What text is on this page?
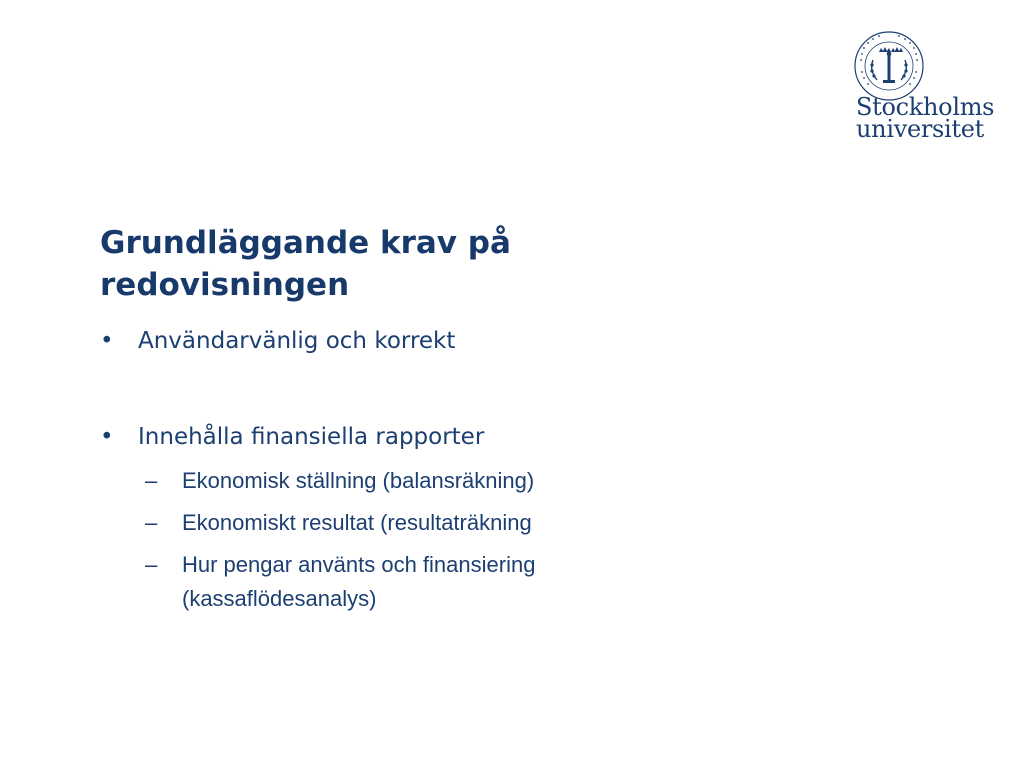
Stockholms
universitet
Grundläggande krav på redovisningen
• Användarvänlig och korrekt
• Innehålla finansiella rapporter
– Ekonomisk ställning (balansräkning)
– Ekonomiskt resultat (resultaträkning
– Hur pengar använts och finansiering
(kassaflödesanalys)
